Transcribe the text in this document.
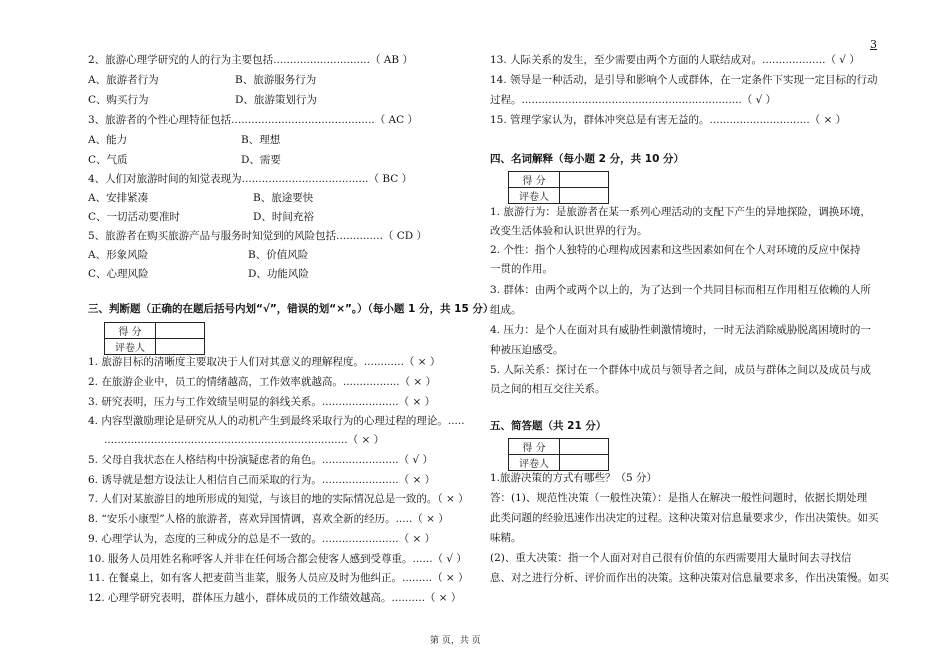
3
2、旅游心理学研究的人的行为主要包括.............................（ AB ）
A、旅游者行为	B、旅游服务行为
C、购买行为	D、旅游策划行为
3、旅游者的个性心理特征包括...........................................（ AC ）
A、能力	B、理想
C、气质	D、需要
4、人们对旅游时间的知觉表现为......................................（ BC ）
A、安排紧凑	B、旅途要快
C、一切活动要准时	D、时间充裕
5、旅游者在购买旅游产品与服务时知觉到的风险包括..............（ CD ）
A、形象风险	B、价值风险
C、心理风险	D、功能风险
三、判断题（正确的在题后括号内划“√”，错误的划“×”。）（每小题 1 分，共 15 分）
得 分	
评卷人	
1. 旅游目标的清晰度主要取决于人们对其意义的理解程度。............（ × ）
2. 在旅游企业中，员工的情绪越高，工作效率就越高。.................（ × ）
3. 研究表明，压力与工作效绩呈明显的斜线关系。.......................（ × ）
4. 内容型激励理论是研究从人的动机产生到最终采取行为的心理过程的理论。.....
.........................................................................（ × ）
5. 父母自我状态在人格结构中扮演疑虑者的角色。.......................（ √ ）
6. 诱导就是想方设法让人相信自己而采取的行为。.......................（ × ）
7. 人们对某旅游目的地所形成的知觉，与该目的地的实际情况总是一致的。（ × ）
8. “安乐小康型”人格的旅游者，喜欢异国情调，喜欢全新的经历。.....（ × ）
9. 心理学认为，态度的三种成分的总是不一致的。.......................（ × ）
10. 服务人员用姓名称呼客人并非在任何场合都会使客人感到受尊重。......（ √ ）
11. 在餐桌上，如有客人把麦茴当韭菜，服务人员应及时为他纠正。.........（ × ）
12. 心理学研究表明，群体压力越小，群体成员的工作绩效越高。..........（ × ）
13. 人际关系的发生，至少需要由两个方面的人联结成对。...................（ √ ）
14. 领导是一种活动，是引导和影响个人或群体，在一定条件下实现一定目标的行动
过程。..................................................................（ √ ）
15. 管理学家认为，群体冲突总是有害无益的。..............................（ × ）
四、名词解释（每小题 2 分，共 10 分）
得 分	
评卷人	
1. 旅游行为：是旅游者在某一系列心理活动的支配下产生的异地探险，调换环境，
改变生活体验和认识世界的行为。
2. 个性：指个人独特的心理构成因素和这些因素如何在个人对环境的反应中保持
一贯的作用。
3. 群体：由两个或两个以上的，为了达到一个共同目标而相互作用相互依赖的人所
组成。
4. 压力：是个人在面对具有威胁性刺激情境时，一时无法消除威胁脱离困境时的一
种被压迫感受。
5. 人际关系：探讨在一个群体中成员与领导者之间，成员与群体之间以及成员与成
员之间的相互交往关系。
五、简答题（共 21 分）
得 分	
评卷人	
1.旅游决策的方式有哪些？（5 分）
答：(1)、规范性决策（一般性决策）：是指人在解决一般性问题时，依据长期处理
此类问题的经验迅速作出决定的过程。这种决策对信息量要求少，作出决策快。如买
味精。
(2)、重大决策：指一个人面对对自己很有价值的东西需要用大量时间去寻找信
息、对之进行分析、评价而作出的决策。这种决策对信息量要求多，作出决策慢。如买
第 页，共 页
